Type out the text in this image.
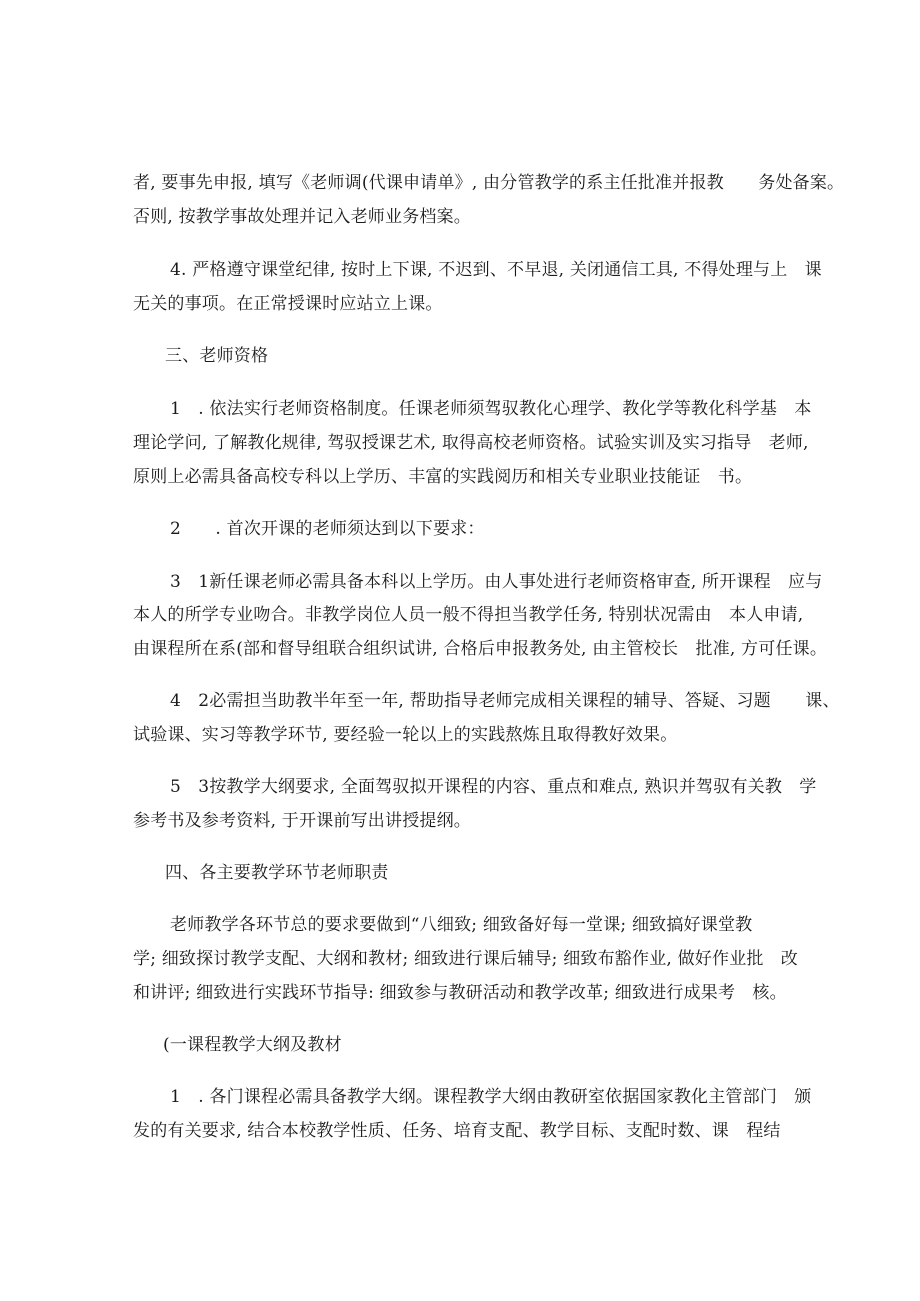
者, 要事先申报, 填写《老师调(代课申请单》, 由分管教学的系主任批准并报教　　务处备案。
否则, 按教学事故处理并记入老师业务档案。
4. 严格遵守课堂纪律, 按时上下课, 不迟到、不早退, 关闭通信工具, 不得处理与上　课
无关的事项。在正常授课时应站立上课。
三、老师资格
1　. 依法实行老师资格制度。任课老师须驾驭教化心理学、教化学等教化科学基　本
理论学问, 了解教化规律, 驾驭授课艺术, 取得高校老师资格。试验实训及实习指导　老师,
原则上必需具备高校专科以上学历、丰富的实践阅历和相关专业职业技能证　书。
2　　. 首次开课的老师须达到以下要求：
3　1新任课老师必需具备本科以上学历。由人事处进行老师资格审查, 所开课程　应与
本人的所学专业吻合。非教学岗位人员一般不得担当教学任务, 特别状况需由　本人申请,
由课程所在系(部和督导组联合组织试讲, 合格后申报教务处, 由主管校长　批准, 方可任课。
4　2必需担当助教半年至一年, 帮助指导老师完成相关课程的辅导、答疑、习题　　课、
试验课、实习等教学环节, 要经验一轮以上的实践熬炼且取得教好效果。
5　3按教学大纲要求, 全面驾驭拟开课程的内容、重点和难点, 熟识并驾驭有关教　学
参考书及参考资料, 于开课前写出讲授提纲。
四、各主要教学环节老师职责
老师教学各环节总的要求要做到“八细致; 细致备好每一堂课; 细致搞好课堂教
学; 细致探讨教学支配、大纲和教材; 细致进行课后辅导; 细致布豁作业, 做好作业批　改
和讲评; 细致进行实践环节指导: 细致参与教研活动和教学改革; 细致进行成果考　核。
(一课程教学大纲及教材
1　. 各门课程必需具备教学大纲。课程教学大纲由教研室依据国家教化主管部门　颁
发的有关要求, 结合本校教学性质、任务、培育支配、教学目标、支配时数、课　程结
